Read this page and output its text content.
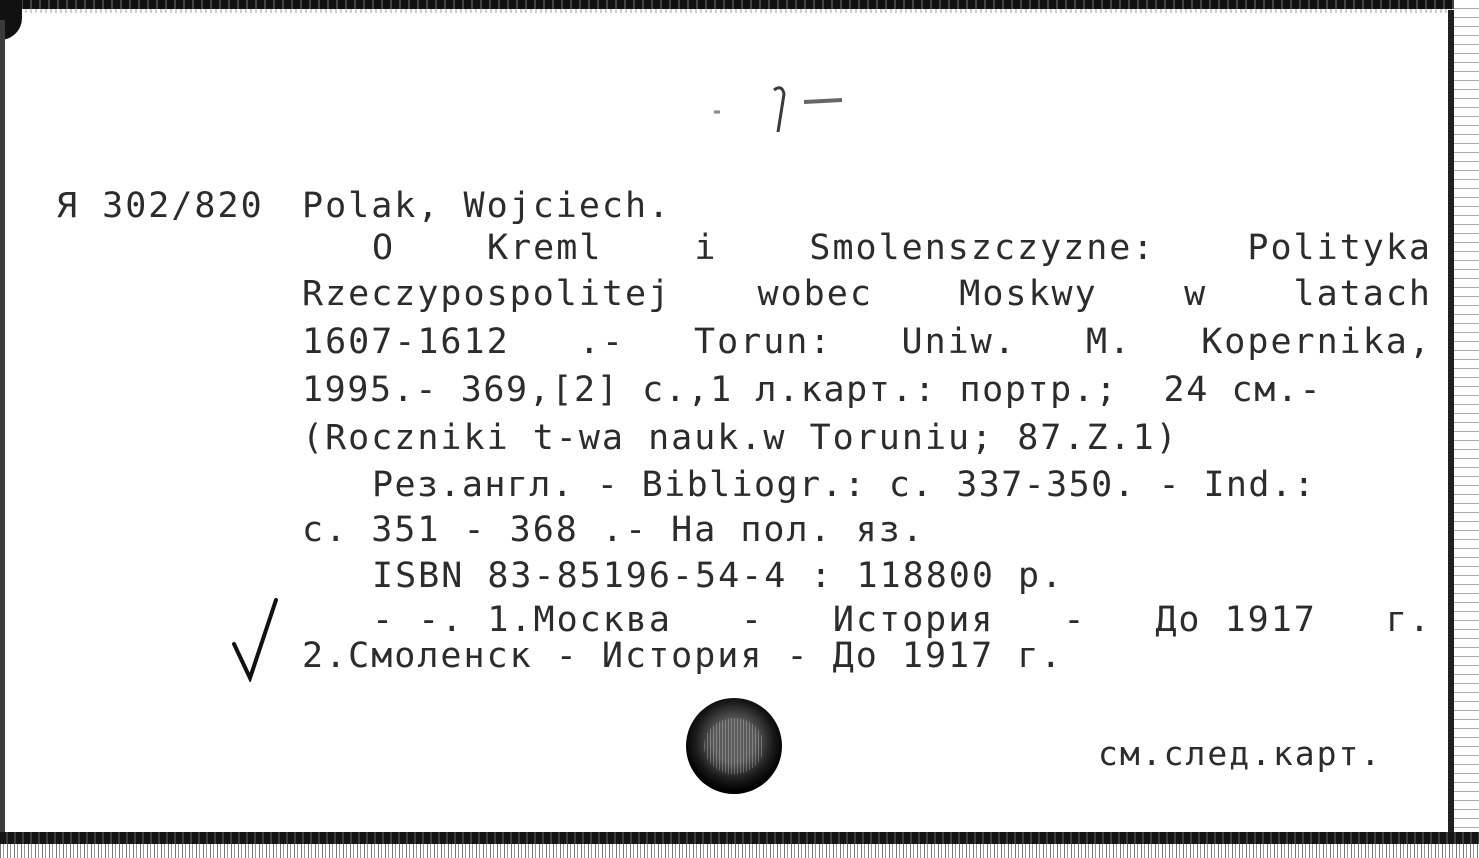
Я 302/820 Polak, Wojciech.
O	Kreml	i	Smolenszczyzne:	Polityka
Rzeczypospolitej wobec Moskwy w latach
1607-1612 .- Torun: Uniw. M. Kopernika,
1995.- 369,[2] с.,1 л.карт.: портр.;  24 см.-
(Roczniki t-wa nauk.w Toruniu; 87.Z.1)
Рез.англ. - Bibliogr.: с. 337-350. - Ind.:
с. 351 - 368 .- На пол. яз.
ISBN 83-85196-54-4 : 118800 р.
- -. 1.Москва - История - До 1917 г.
2.Смоленск - История - До 1917 г.
см.след.карт.
